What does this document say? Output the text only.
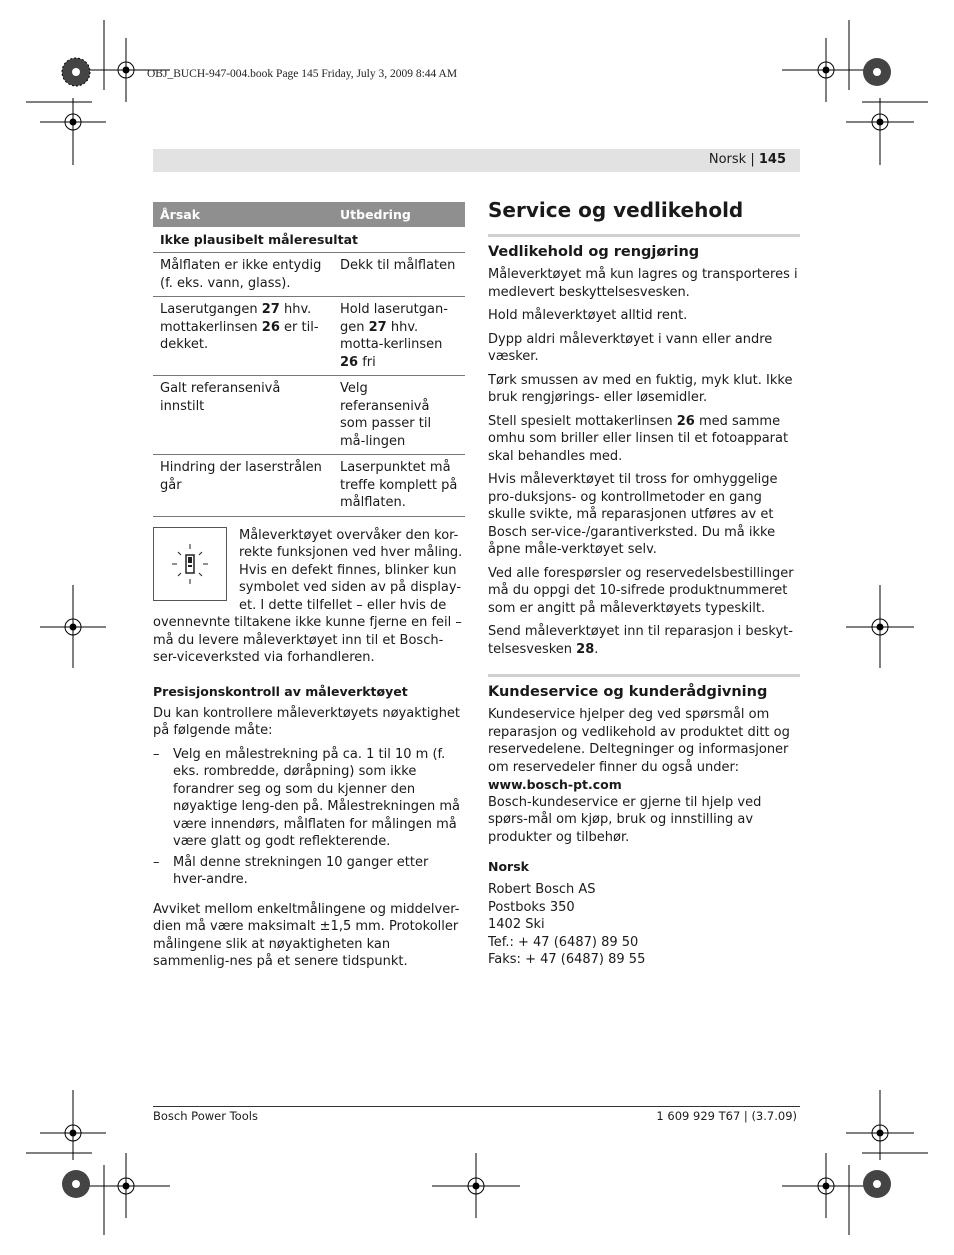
OBJ_BUCH-947-004.book Page 145 Friday, July 3, 2009 8:44 AM
Norsk | 145
Årsak	Utbedring
Ikke plausibelt måleresultat	
Målflaten er ikke entydig (f. eks. vann, glass).	Dekk til målflaten
Laserutgangen 27 hhv. mottakerlinsen 26 er til-dekket.	Hold laserutgan-gen 27 hhv. motta-kerlinsen 26 fri
Galt referansenivå innstilt	Velg referansenivå som passer til må-lingen
Hindring der laserstrålen går	Laserpunktet må treffe komplett på målflaten.

Måleverktøyet overvåker den kor-rekte funksjonen ved hver måling. Hvis en defekt finnes, blinker kun symbolet ved siden av på display-et. I dette tilfellet – eller hvis de ovennevnte tiltakene ikke kunne fjerne en feil – må du levere måleverktøyet inn til et Bosch-ser-viceverksted via forhandleren.

Presisjonskontroll av måleverktøyet

Du kan kontrollere måleverktøyets nøyaktighet på følgende måte:

– Velg en målestrekning på ca. 1 til 10 m (f. eks. rombredde, døråpning) som ikke forandrer seg og som du kjenner den nøyaktige leng-den på. Målestrekningen må være innendørs, målflaten for målingen må være glatt og godt reflekterende.
– Mål denne strekningen 10 ganger etter hver-andre.

Avviket mellom enkeltmålingene og middelver-dien må være maksimalt ±1,5 mm. Protokoller målingene slik at nøyaktigheten kan sammenlig-nes på et senere tidspunkt.

Service og vedlikehold

Vedlikehold og rengjøring

Måleverktøyet må kun lagres og transporteres i medlevert beskyttelsesvesken.

Hold måleverktøyet alltid rent.

Dypp aldri måleverktøyet i vann eller andre væsker.

Tørk smussen av med en fuktig, myk klut. Ikke bruk rengjørings- eller løsemidler.

Stell spesielt mottakerlinsen 26 med samme omhu som briller eller linsen til et fotoapparat skal behandles med.

Hvis måleverktøyet til tross for omhyggelige pro-duksjons- og kontrollmetoder en gang skulle svikte, må reparasjonen utføres av et Bosch ser-vice-/garantiverksted. Du må ikke åpne måle-verktøyet selv.

Ved alle forespørsler og reservedelsbestillinger må du oppgi det 10-sifrede produktnummeret som er angitt på måleverktøyets typeskilt.

Send måleverktøyet inn til reparasjon i beskyt-telsesvesken 28.

Kundeservice og kunderådgivning

Kundeservice hjelper deg ved spørsmål om reparasjon og vedlikehold av produktet ditt og reservedelene. Deltegninger og informasjoner om reservedeler finner du også under:

www.bosch-pt.com

Bosch-kundeservice er gjerne til hjelp ved spørs-mål om kjøp, bruk og innstilling av produkter og tilbehør.

Norsk

Robert Bosch AS
Postboks 350
1402 Ski
Tef.: + 47 (6487) 89 50
Faks: + 47 (6487) 89 55
Bosch Power Tools	1 609 929 T67 | (3.7.09)
